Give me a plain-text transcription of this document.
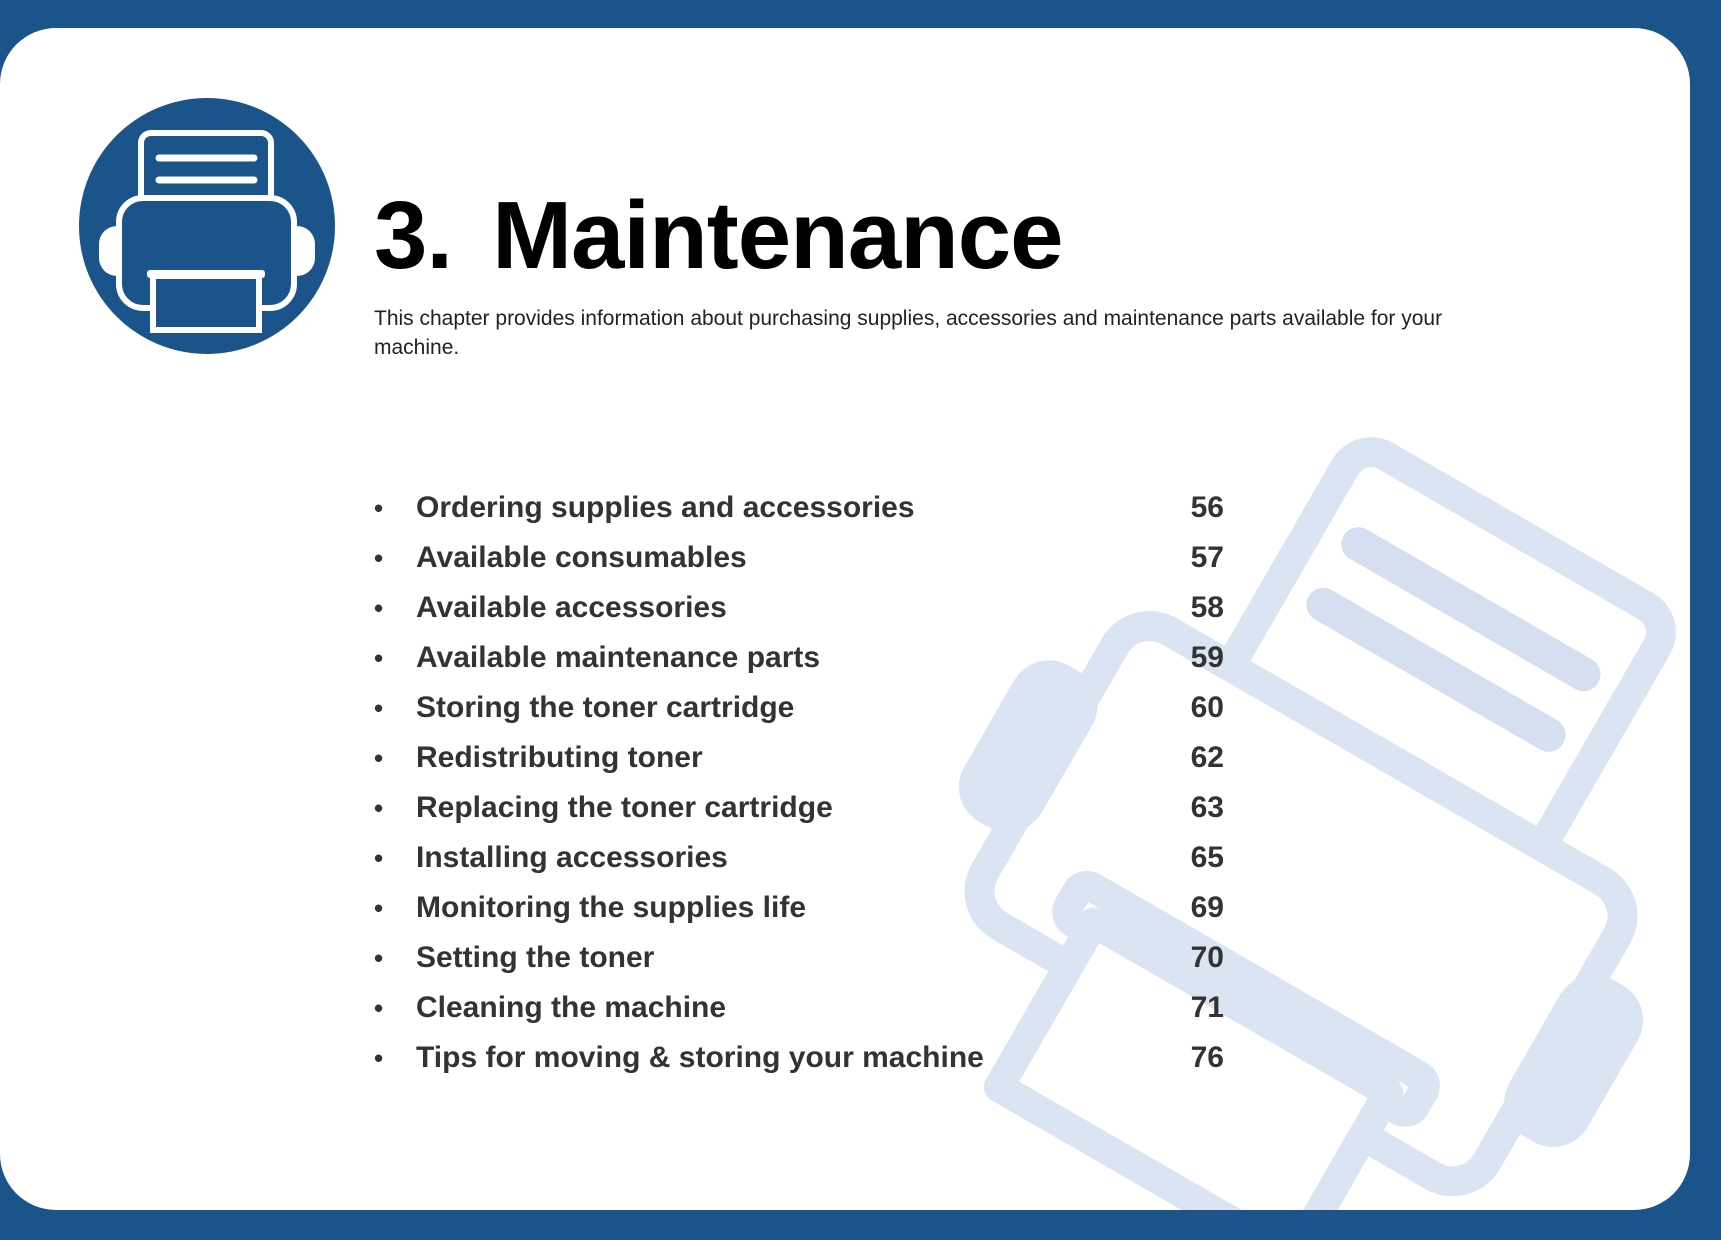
3. Maintenance

This chapter provides information about purchasing supplies, accessories and maintenance parts available for your machine.

•	Ordering supplies and accessories	56
•	Available consumables	57
•	Available accessories	58
•	Available maintenance parts	59
•	Storing the toner cartridge	60
•	Redistributing toner	62
•	Replacing the toner cartridge	63
•	Installing accessories	65
•	Monitoring the supplies life	69
•	Setting the toner	70
•	Cleaning the machine	71
•	Tips for moving & storing your machine	76
